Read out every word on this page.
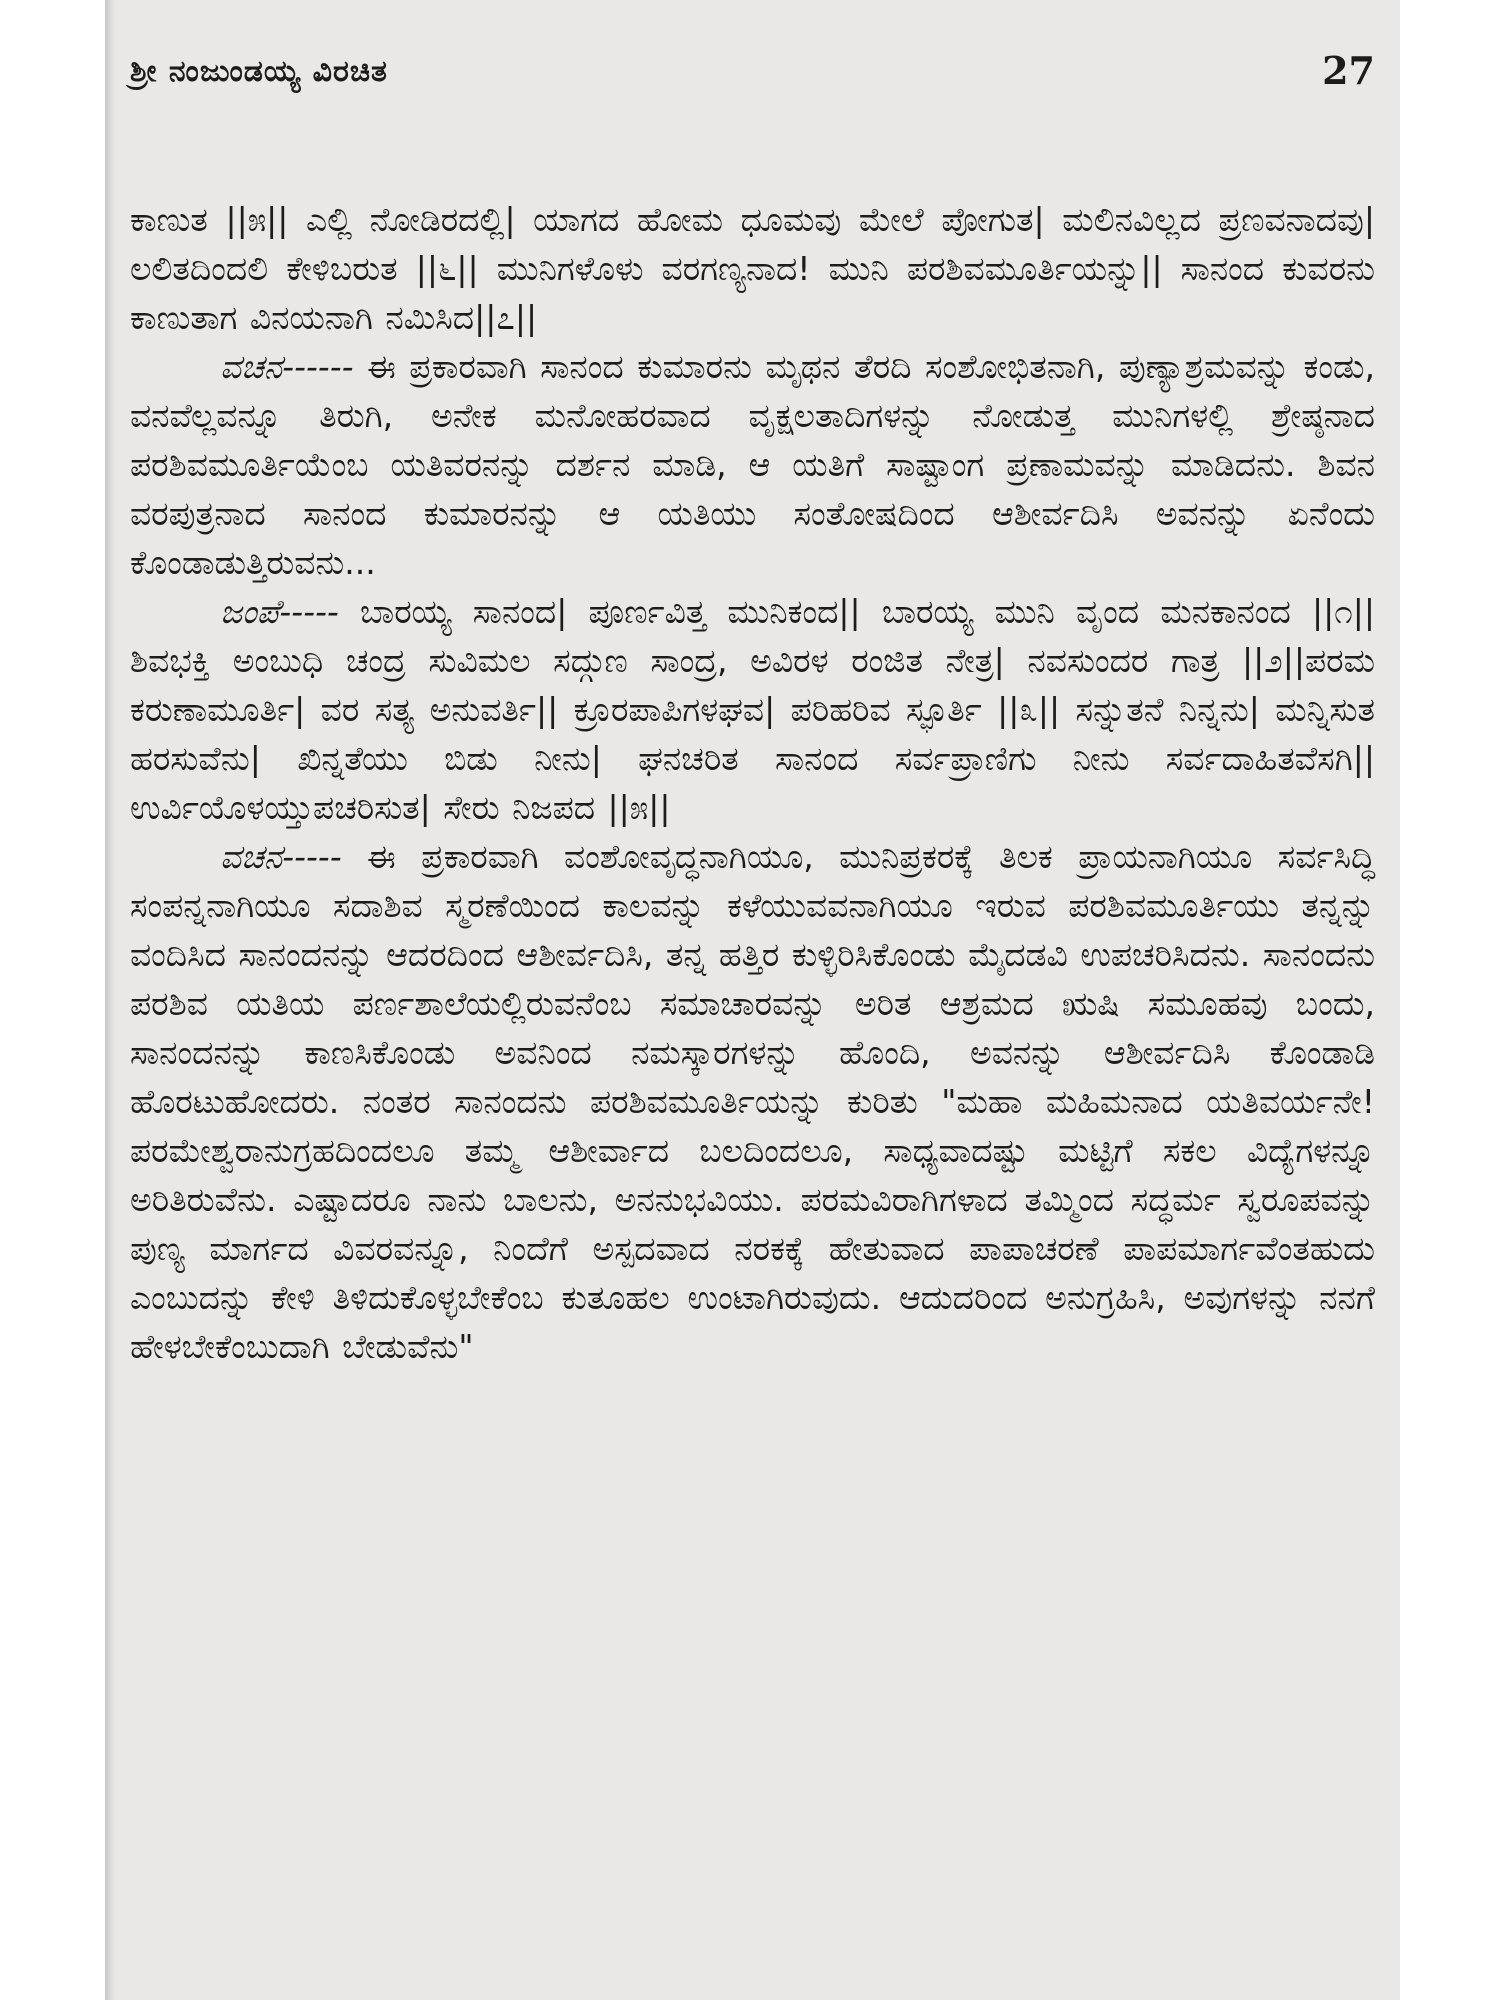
ಶ್ರೀ ನಂಜುಂಡಯ್ಯ ವಿರಚಿತ	27

ಕಾಣುತ ||೫|| ಎಲ್ಲಿ ನೋಡಿರದಲ್ಲಿ| ಯಾಗದ ಹೋಮ ಧೂಮವು ಮೇಲೆ ಪೋಗುತ| ಮಲಿನವಿಲ್ಲದ ಪ್ರಣವನಾದವು| ಲಲಿತದಿಂದಲಿ ಕೇಳಿಬರುತ ||೬|| ಮುನಿಗಳೊಳು ವರಗಣ್ಯನಾದ! ಮುನಿ ಪರಶಿವಮೂರ್ತಿಯನ್ನು|| ಸಾನಂದ ಕುವರನು ಕಾಣುತಾಗ ವಿನಯನಾಗಿ ನಮಿಸಿದ||೭||

ವಚನ------ ಈ ಪ್ರಕಾರವಾಗಿ ಸಾನಂದ ಕುಮಾರನು ಮೃಥನ ತೆರದಿ ಸಂಶೋಭಿತನಾಗಿ, ಪುಣ್ಯಾಶ್ರಮವನ್ನು ಕಂಡು, ವನವೆಲ್ಲವನ್ನೂ ತಿರುಗಿ, ಅನೇಕ ಮನೋಹರವಾದ ವೃಕ್ಷಲತಾದಿಗಳನ್ನು ನೋಡುತ್ತ ಮುನಿಗಳಲ್ಲಿ ಶ್ರೇಷ್ಠನಾದ ಪರಶಿವಮೂರ್ತಿಯೆಂಬ ಯತಿವರನನ್ನು ದರ್ಶನ ಮಾಡಿ, ಆ ಯತಿಗೆ ಸಾಷ್ಟಾಂಗ ಪ್ರಣಾಮವನ್ನು ಮಾಡಿದನು. ಶಿವನ ವರಪುತ್ರನಾದ ಸಾನಂದ ಕುಮಾರನನ್ನು ಆ ಯತಿಯು ಸಂತೋಷದಿಂದ ಆಶೀರ್ವದಿಸಿ ಅವನನ್ನು ಏನೆಂದು ಕೊಂಡಾಡುತ್ತಿರುವನು...

ಜಂಪೆ----- ಬಾರಯ್ಯ ಸಾನಂದ| ಪೂರ್ಣವಿತ್ತ ಮುನಿಕಂದ|| ಬಾರಯ್ಯ ಮುನಿ ವೃಂದ ಮನಕಾನಂದ ||೧|| ಶಿವಭಕ್ತಿ ಅಂಬುಧಿ ಚಂದ್ರ ಸುವಿಮಲ ಸದ್ಗುಣ ಸಾಂದ್ರ, ಅವಿರಳ ರಂಜಿತ ನೇತ್ರ| ನವಸುಂದರ ಗಾತ್ರ ||೨||ಪರಮ ಕರುಣಾಮೂರ್ತಿ| ವರ ಸತ್ಯ ಅನುವರ್ತಿ|| ಕ್ರೂರಪಾಪಿಗಳಘವ| ಪರಿಹರಿವ ಸ್ಫೂರ್ತಿ ||೩|| ಸನ್ನುತನೆ ನಿನ್ನನು| ಮನ್ನಿಸುತ ಹರಸುವೆನು| ಖಿನ್ನತೆಯು ಬಿಡು ನೀನು| ಘನಚರಿತ ಸಾನಂದ ಸರ್ವಪ್ರಾಣಿಗು ನೀನು ಸರ್ವದಾಹಿತವೆಸಗಿ|| ಉರ್ವಿಯೊಳಯ್ತುಪಚರಿಸುತ| ಸೇರು ನಿಜಪದ ||೫||

ವಚನ----- ಈ ಪ್ರಕಾರವಾಗಿ ವಂಶೋವೃದ್ಧನಾಗಿಯೂ, ಮುನಿಪ್ರಕರಕ್ಕೆ ತಿಲಕ ಪ್ರಾಯನಾಗಿಯೂ ಸರ್ವಸಿದ್ಧಿ ಸಂಪನ್ನನಾಗಿಯೂ ಸದಾಶಿವ ಸ್ಮರಣೆಯಿಂದ ಕಾಲವನ್ನು ಕಳೆಯುವವನಾಗಿಯೂ ಇರುವ ಪರಶಿವಮೂರ್ತಿಯು ತನ್ನನ್ನು ವಂದಿಸಿದ ಸಾನಂದನನ್ನು ಆದರದಿಂದ ಆಶೀರ್ವದಿಸಿ, ತನ್ನ ಹತ್ತಿರ ಕುಳ್ಳಿರಿಸಿಕೊಂಡು ಮೈದಡವಿ ಉಪಚರಿಸಿದನು. ಸಾನಂದನು ಪರಶಿವ ಯತಿಯ ಪರ್ಣಶಾಲೆಯಲ್ಲಿರುವನೆಂಬ ಸಮಾಚಾರವನ್ನು ಅರಿತ ಆಶ್ರಮದ ಋಷಿ ಸಮೂಹವು ಬಂದು, ಸಾನಂದನನ್ನು ಕಾಣಸಿಕೊಂಡು ಅವನಿಂದ ನಮಸ್ಕಾರಗಳನ್ನು ಹೊಂದಿ, ಅವನನ್ನು ಆಶೀರ್ವದಿಸಿ ಕೊಂಡಾಡಿ ಹೊರಟುಹೋದರು. ನಂತರ ಸಾನಂದನು ಪರಶಿವಮೂರ್ತಿಯನ್ನು ಕುರಿತು "ಮಹಾ ಮಹಿಮನಾದ ಯತಿವರ್ಯನೇ! ಪರಮೇಶ್ವರಾನುಗ್ರಹದಿಂದಲೂ ತಮ್ಮ ಆಶೀರ್ವಾದ ಬಲದಿಂದಲೂ, ಸಾಧ್ಯವಾದಷ್ಟು ಮಟ್ಟಿಗೆ ಸಕಲ ವಿದ್ಯೆಗಳನ್ನೂ ಅರಿತಿರುವೆನು. ಎಷ್ಟಾದರೂ ನಾನು ಬಾಲನು, ಅನನುಭವಿಯು. ಪರಮವಿರಾಗಿಗಳಾದ ತಮ್ಮಿಂದ ಸದ್ಧರ್ಮ ಸ್ವರೂಪವನ್ನು ಪುಣ್ಯ ಮಾರ್ಗದ ವಿವರವನ್ನೂ, ನಿಂದೆಗೆ ಅಸ್ಪದವಾದ ನರಕಕ್ಕೆ ಹೇತುವಾದ ಪಾಪಾಚರಣೆ ಪಾಪಮಾರ್ಗವೆಂತಹುದು ಎಂಬುದನ್ನು ಕೇಳಿ ತಿಳಿದುಕೊಳ್ಳಬೇಕೆಂಬ ಕುತೂಹಲ ಉಂಟಾಗಿರುವುದು. ಆದುದರಿಂದ ಅನುಗ್ರಹಿಸಿ, ಅವುಗಳನ್ನು ನನಗೆ ಹೇಳಬೇಕೆಂಬುದಾಗಿ ಬೇಡುವೆನು"
